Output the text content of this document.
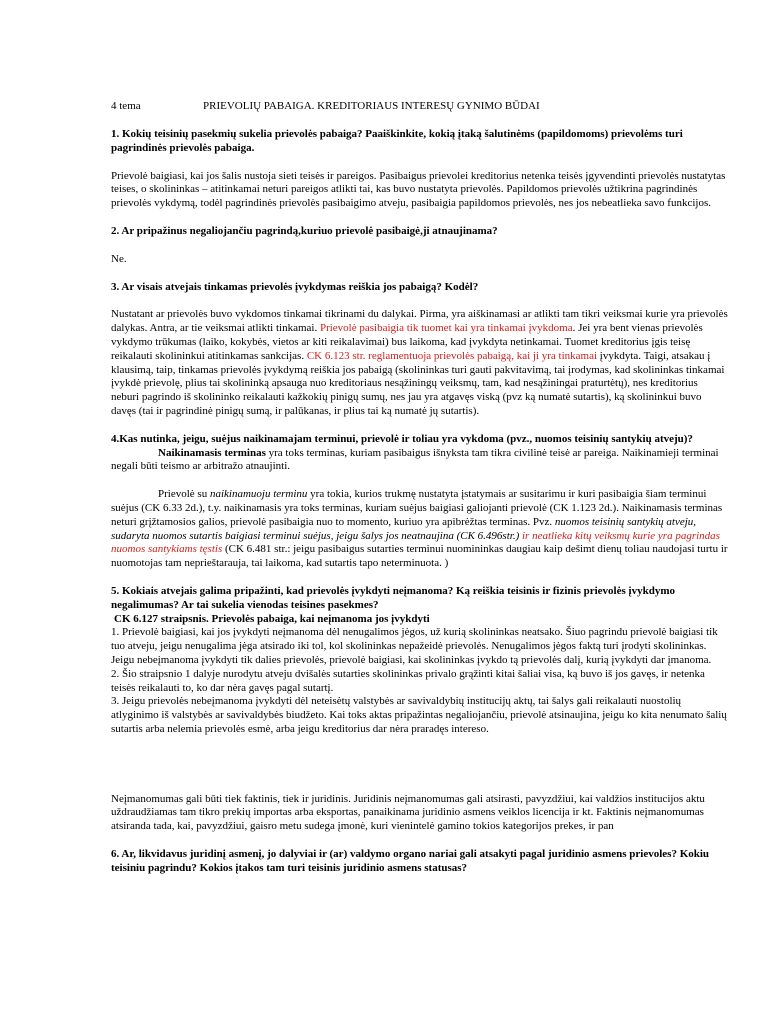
4 tema	PRIEVOLIŲ PABAIGA. KREDITORIAUS INTERESŲ GYNIMO BŪDAI

1. Kokių teisinių pasekmių sukelia prievolės pabaiga? Paaiškinkite, kokią įtaką šalutinėms (papildomoms) prievolėms turi pagrindinės prievolės pabaiga.

Prievolė baigiasi, kai jos šalis nustoja sieti teisės ir pareigos. Pasibaigus prievolei kreditorius netenka teisės įgyvendinti prievolės nustatytas teises, o skolininkas – atitinkamai neturi pareigos atlikti tai, kas buvo nustatyta prievolės. Papildomos prievolės užtikrina pagrindinės prievolės vykdymą, todėl pagrindinės prievolės pasibaigimo atveju, pasibaigia papildomos prievolės, nes jos nebeatlieka savo funkcijos.

2. Ar pripažinus negaliojančiu pagrindą,kuriuo prievolė pasibaigė,ji atnaujinama?

Ne.

3. Ar visais atvejais tinkamas prievolės įvykdymas reiškia jos pabaigą? Kodėl?

Nustatant ar prievolės buvo vykdomos tinkamai tikrinami du dalykai. Pirma, yra aiškinamasi ar atlikti tam tikri veiksmai kurie yra prievolės dalykas. Antra, ar tie veiksmai atlikti tinkamai. Prievolė pasibaigia tik tuomet kai yra tinkamai įvykdoma. Jei yra bent vienas prievolės vykdymo trūkumas (laiko, kokybės, vietos ar kiti reikalavimai) bus laikoma, kad įvykdyta netinkamai. Tuomet kreditorius įgis teisę reikalauti skolininkui atitinkamas sankcijas. CK 6.123 str. reglamentuoja prievolės pabaigą, kai ji yra tinkamai įvykdyta. Taigi, atsakau į klausimą, taip, tinkamas prievolės įvykdymą reiškia jos pabaigą (skolininkas turi gauti pakvitavimą, tai įrodymas, kad skolininkas tinkamai įvykdė prievolę, plius tai skolininką apsauga nuo kreditoriaus nesąžiningų veiksmų, tam, kad nesąžiningai praturtėtų), nes kreditorius neburi pagrindo iš skolininko reikalauti kažkokių pinigų sumų, nes jau yra atgavęs viską (pvz ką numatė sutartis), ką skolininkui buvo davęs (tai ir pagrindinė pinigų sumą, ir palūkanas, ir plius tai ką numatė jų sutartis).

4.Kas nutinka, jeigu, suėjus naikinamajam terminui, prievolė ir toliau yra vykdoma (pvz., nuomos teisinių santykių atveju)?

Naikinamasis terminas yra toks terminas, kuriam pasibaigus išnyksta tam tikra civilinė teisė ar pareiga. Naikinamieji terminai negali būti teismo ar arbitražo atnaujinti.

Prievolė su naikinamuoju terminu yra tokia, kurios trukmę nustatyta įstatymais ar susitarimu ir kuri pasibaigia šiam terminui suėjus (CK 6.33 2d.), t.y. naikinamasis yra toks terminas, kuriam suėjus baigiasi galiojanti prievolė (CK 1.123 2d.). Naikinamasis terminas neturi grįžtamosios galios, prievolė pasibaigia nuo to momento, kuriuo yra apibrėžtas terminas. Pvz. nuomos teisinių santykių atveju, sudaryta nuomos sutartis baigiasi terminui suėjus, jeigu šalys jos neatnaujina (CK 6.496str.) ir neatlieka kitų veiksmų kurie yra pagrindas nuomos santykiams tęstis (CK 6.481 str.: jeigu pasibaigus sutarties terminui nuomininkas daugiau kaip dešimt dienų toliau naudojasi turtu ir nuomotojas tam neprieštarauja, tai laikoma, kad sutartis tapo neterminuota. )

5. Kokiais atvejais galima pripažinti, kad prievolės įvykdyti neįmanoma? Ką reiškia teisinis ir fizinis prievolės įvykdymo negalimumas? Ar tai sukelia vienodas teisines pasekmes?

CK 6.127 straipsnis. Prievolės pabaiga, kai neįmanoma jos įvykdyti

1. Prievolė baigiasi, kai jos įvykdyti neįmanoma dėl nenugalimos jėgos, už kurią skolininkas neatsako. Šiuo pagrindu prievolė baigiasi tik tuo atveju, jeigu nenugalima jėga atsirado iki tol, kol skolininkas nepažeidė prievolės. Nenugalimos jėgos faktą turi įrodyti skolininkas. Jeigu nebeįmanoma įvykdyti tik dalies prievolės, prievolė baigiasi, kai skolininkas įvykdo tą prievolės dalį, kurią įvykdyti dar įmanoma.

2. Šio straipsnio 1 dalyje nurodytu atveju dvišalės sutarties skolininkas privalo grąžinti kitai šaliai visa, ką buvo iš jos gavęs, ir netenka teisės reikalauti to, ko dar nėra gavęs pagal sutartį.

3. Jeigu prievolės nebeįmanoma įvykdyti dėl neteisėtų valstybės ar savivaldybių institucijų aktų, tai šalys gali reikalauti nuostolių atlyginimo iš valstybės ar savivaldybės biudžeto. Kai toks aktas pripažintas negaliojančiu, prievolė atsinaujina, jeigu ko kita nenumato šalių sutartis arba nelemia prievolės esmė, arba jeigu kreditorius dar nėra praradęs intereso.

Neįmanomumas gali būti tiek faktinis, tiek ir juridinis. Juridinis neįmanomumas gali atsirasti, pavyzdžiui, kai valdžios institucijos aktu uždraudžiamas tam tikro prekių importas arba eksportas, panaikinama juridinio asmens veiklos licencija ir kt. Faktinis neįmanomumas atsiranda tada, kai, pavyzdžiui, gaisro metu sudega įmonė, kuri vienintelė gamino tokios kategorijos prekes, ir pan

6. Ar, likvidavus juridinį asmenį, jo dalyviai ir (ar) valdymo organo nariai gali atsakyti pagal juridinio asmens prievoles? Kokiu teisiniu pagrindu? Kokios įtakos tam turi teisinis juridinio asmens statusas?
